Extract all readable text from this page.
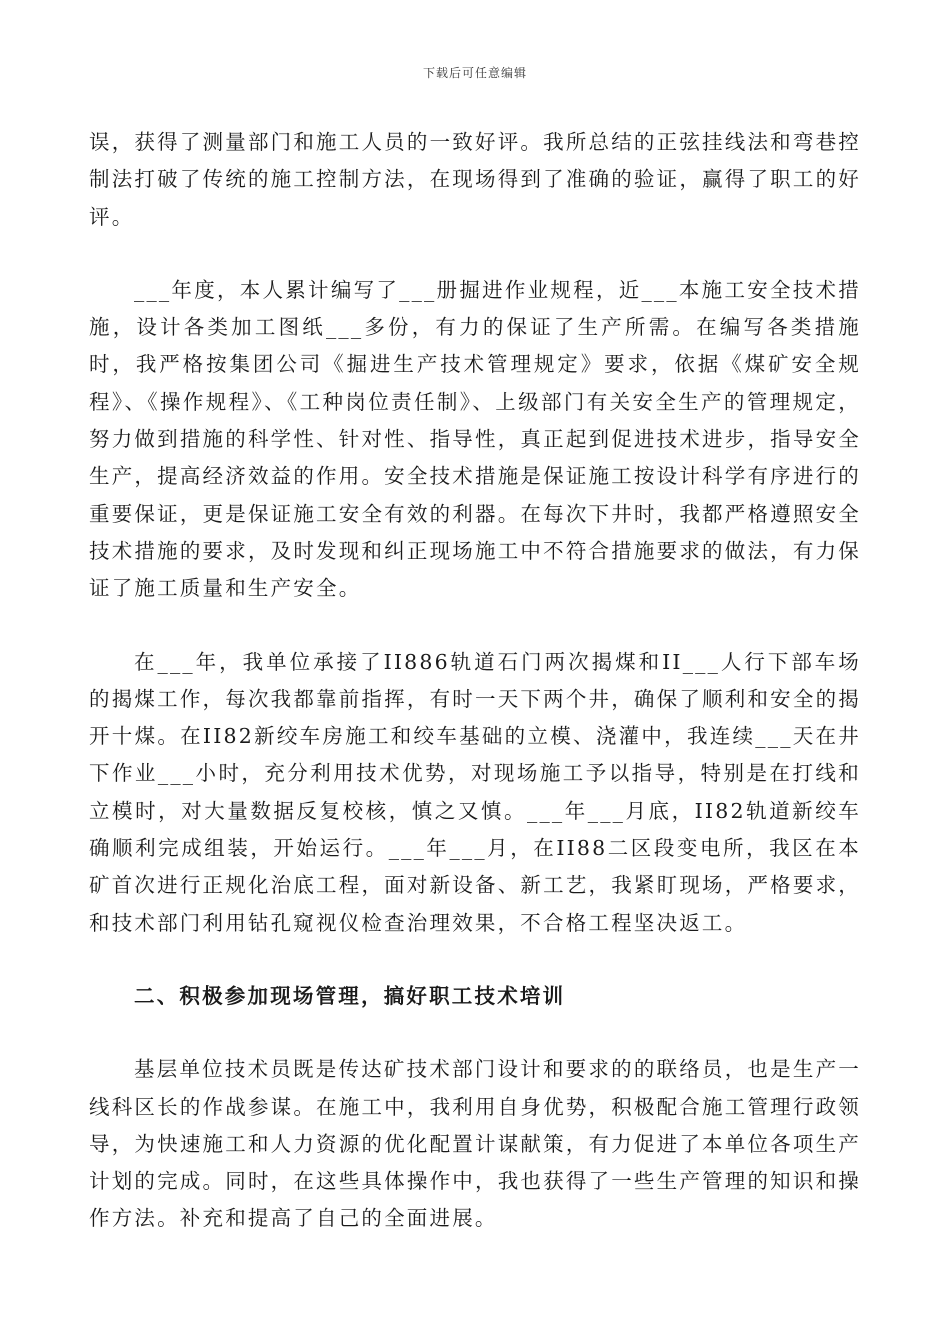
下载后可任意编辑

误，获得了测量部门和施工人员的一致好评。我所总结的正弦挂线法和弯巷控制法打破了传统的施工控制方法，在现场得到了准确的验证，赢得了职工的好评。

___年度，本人累计编写了___册掘进作业规程，近___本施工安全技术措施，设计各类加工图纸___多份，有力的保证了生产所需。在编写各类措施时，我严格按集团公司《掘进生产技术管理规定》要求，依据《煤矿安全规程》、《操作规程》、《工种岗位责任制》、上级部门有关安全生产的管理规定，努力做到措施的科学性、针对性、指导性，真正起到促进技术进步，指导安全生产，提高经济效益的作用。安全技术措施是保证施工按设计科学有序进行的重要保证，更是保证施工安全有效的利器。在每次下井时，我都严格遵照安全技术措施的要求，及时发现和纠正现场施工中不符合措施要求的做法，有力保证了施工质量和生产安全。

在___年，我单位承接了II886轨道石门两次揭煤和II___人行下部车场的揭煤工作，每次我都靠前指挥，有时一天下两个井，确保了顺利和安全的揭开十煤。在II82新绞车房施工和绞车基础的立模、浇灌中，我连续___天在井下作业___小时，充分利用技术优势，对现场施工予以指导，特别是在打线和立模时，对大量数据反复校核，慎之又慎。___年___月底，II82轨道新绞车确顺利完成组装，开始运行。___年___月，在II88二区段变电所，我区在本矿首次进行正规化治底工程，面对新设备、新工艺，我紧盯现场，严格要求，和技术部门利用钻孔窥视仪检查治理效果，不合格工程坚决返工。

二、积极参加现场管理，搞好职工技术培训

基层单位技术员既是传达矿技术部门设计和要求的的联络员，也是生产一线科区长的作战参谋。在施工中，我利用自身优势，积极配合施工管理行政领导，为快速施工和人力资源的优化配置计谋献策，有力促进了本单位各项生产计划的完成。同时，在这些具体操作中，我也获得了一些生产管理的知识和操作方法。补充和提高了自己的全面进展。
